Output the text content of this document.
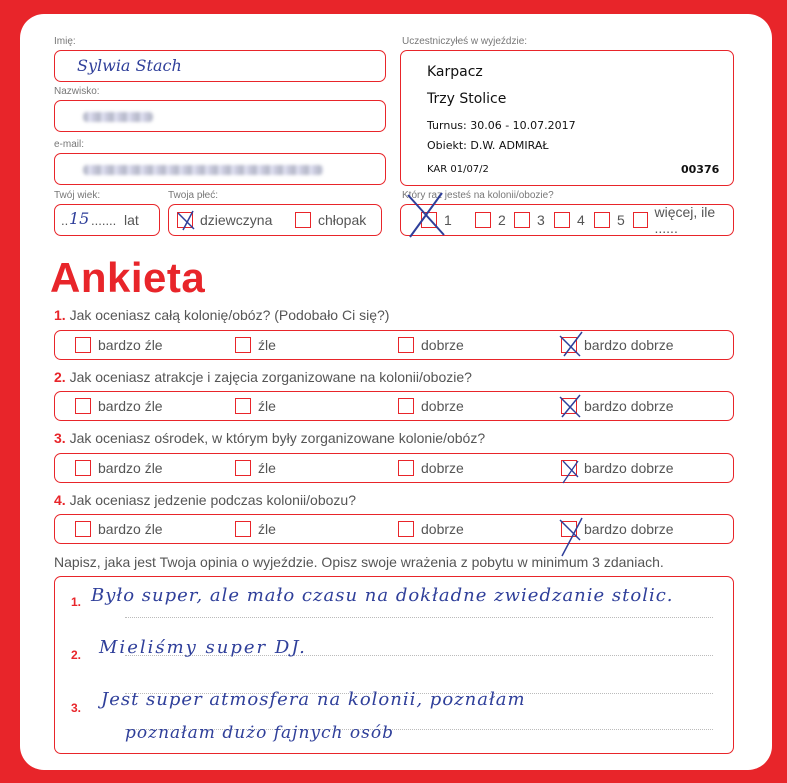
Imię:
Sylwia Stach
Nazwisko:
e-mail:
Twój wiek:
.. 15 ....... lat
Twoja płeć:
dziewczyna	chłopak
Uczestniczyłeś w wyjeździe:
Karpacz
Trzy Stolice
Turnus: 30.06 - 10.07.2017
Obiekt: D.W. ADMIRAŁ
KAR 01/07/2	00376
Który raz jesteś na kolonii/obozie?
1	2 3 4 5 więcej, ile ......
Ankieta
1. Jak oceniasz całą kolonię/obóz? (Podobało Ci się?)
bardzo źle	źle	dobrze	bardzo dobrze
2. Jak oceniasz atrakcje i zajęcia zorganizowane na kolonii/obozie?
bardzo źle	źle	dobrze	bardzo dobrze
3. Jak oceniasz ośrodek, w którym były zorganizowane kolonie/obóz?
bardzo źle	źle	dobrze	bardzo dobrze
4. Jak oceniasz jedzenie podczas kolonii/obozu?
bardzo źle	źle	dobrze	bardzo dobrze
Napisz, jaka jest Twoja opinia o wyjeździe. Opisz swoje wrażenia z pobytu w minimum 3 zdaniach.
1. Było super, ale mało czasu na dokładne zwiedzanie stolic.
2. Mieliśmy super DJ.
3. Jest super atmosfera na kolonii, poznałam
poznałam dużo fajnych osób
